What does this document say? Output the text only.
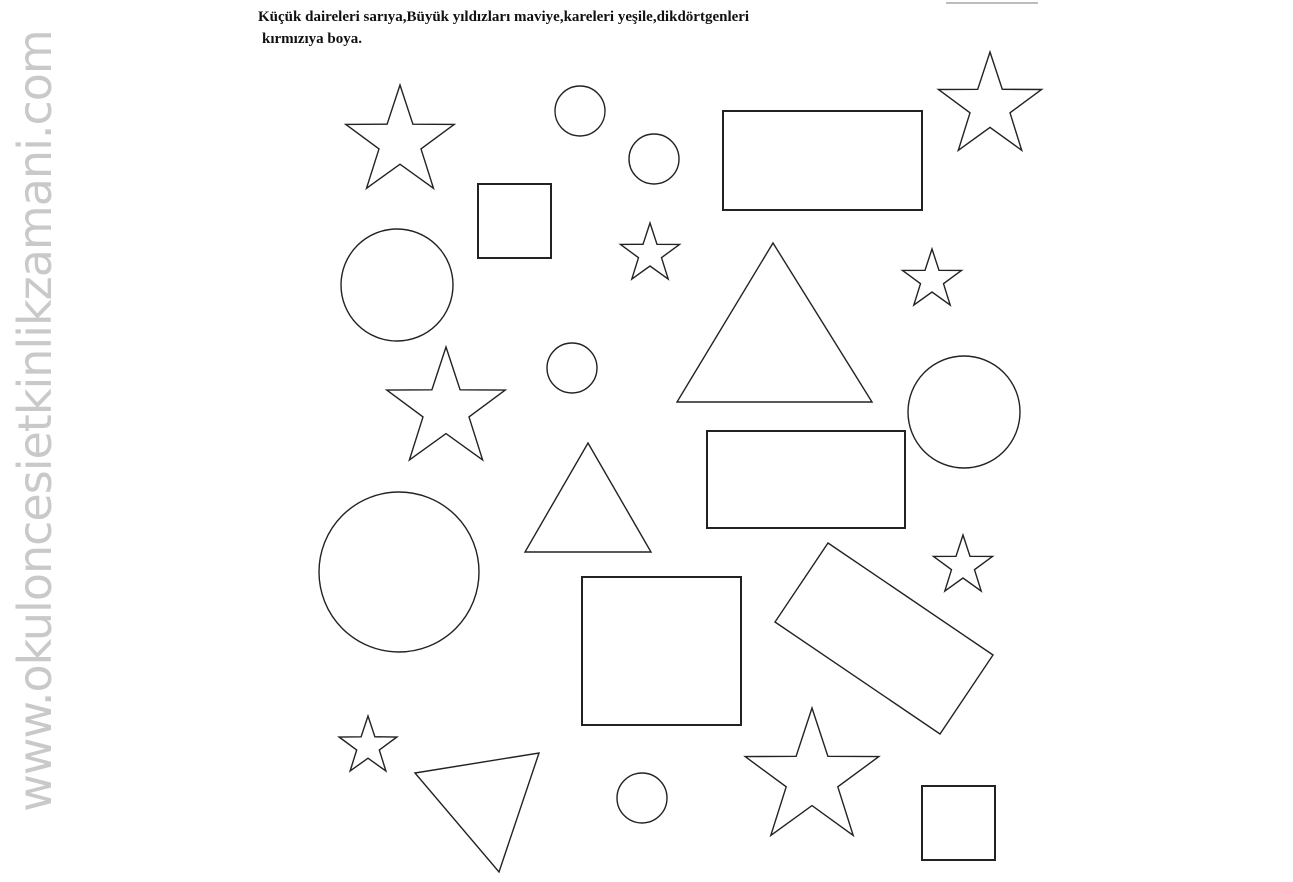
www.okuloncesietkinlikzamani.com
Küçük daireleri sarıya,Büyük yıldızları maviye,kareleri yeşile,dikdörtgenleri
kırmızıya boya.
